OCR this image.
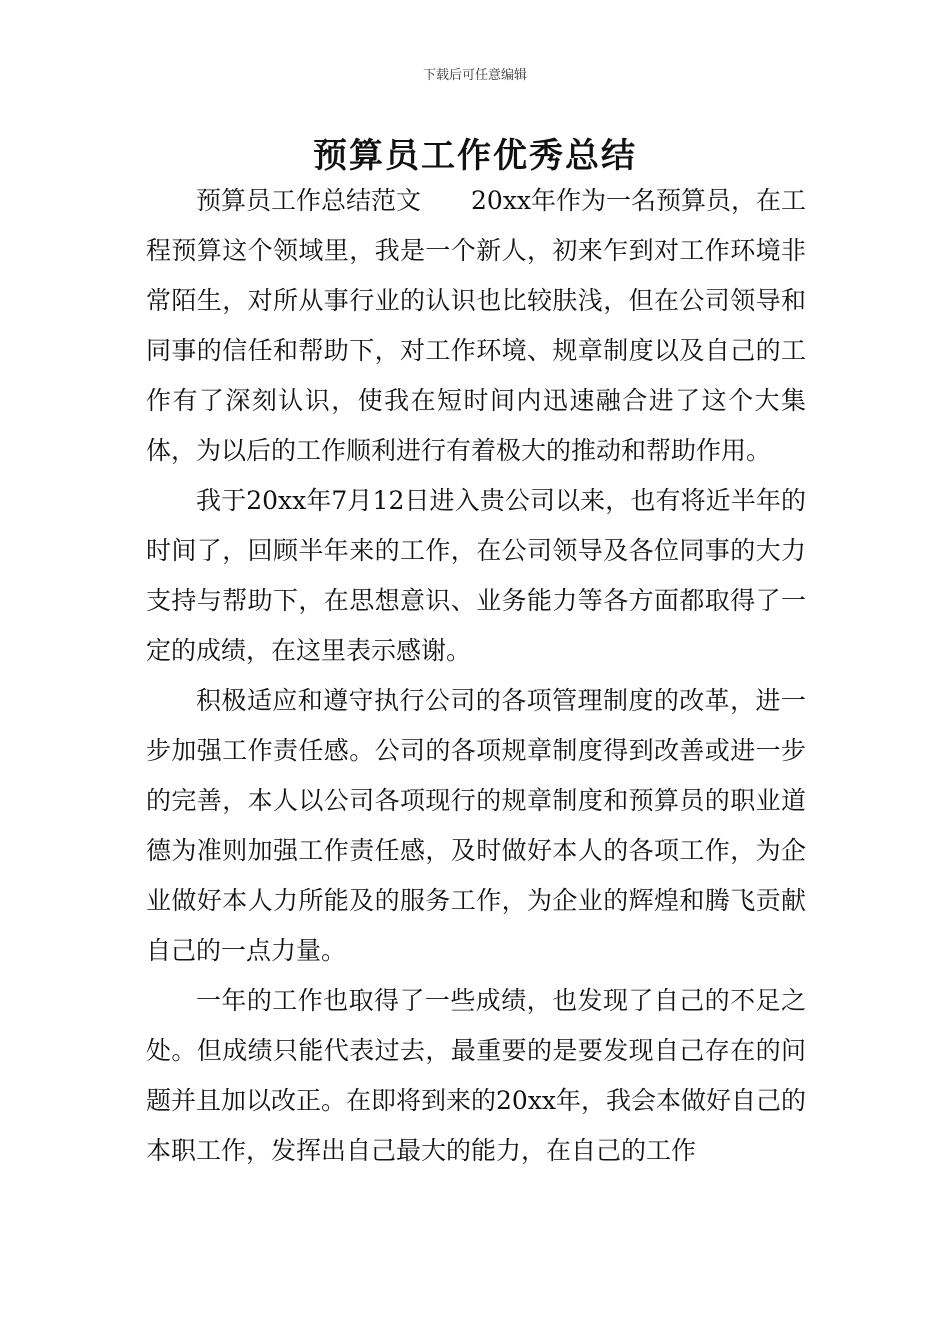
下载后可任意编辑
预算员工作优秀总结

预算员工作总结范文　　20xx年作为一名预算员，在工程预算这个领域里，我是一个新人，初来乍到对工作环境非常陌生，对所从事行业的认识也比较肤浅，但在公司领导和同事的信任和帮助下，对工作环境、规章制度以及自己的工作有了深刻认识，使我在短时间内迅速融合进了这个大集体，为以后的工作顺利进行有着极大的推动和帮助作用。

我于20xx年7月12日进入贵公司以来，也有将近半年的时间了，回顾半年来的工作，在公司领导及各位同事的大力支持与帮助下，在思想意识、业务能力等各方面都取得了一定的成绩，在这里表示感谢。

积极适应和遵守执行公司的各项管理制度的改革，进一步加强工作责任感。公司的各项规章制度得到改善或进一步的完善，本人以公司各项现行的规章制度和预算员的职业道德为准则加强工作责任感，及时做好本人的各项工作，为企业做好本人力所能及的服务工作，为企业的辉煌和腾飞贡献自己的一点力量。

一年的工作也取得了一些成绩，也发现了自己的不足之处。但成绩只能代表过去，最重要的是要发现自己存在的问题并且加以改正。在即将到来的20xx年，我会本做好自己的本职工作，发挥出自己最大的能力，在自己的工作
